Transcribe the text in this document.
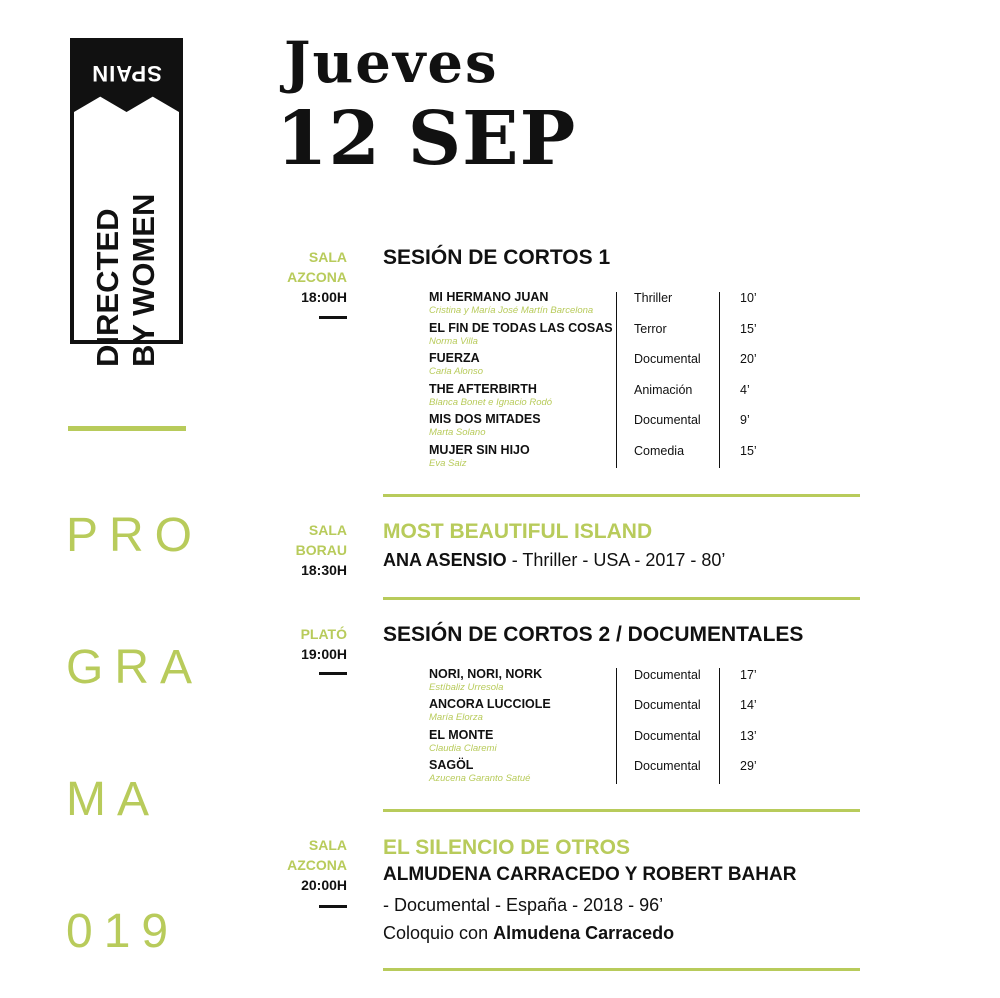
SPAIN
DIRECTED BY WOMEN
PRO
GRA
MA
019
Jueves
12 SEP
SALA
AZCONA
18:00H
SESIÓN DE CORTOS 1
MI HERMANO JUAN
Cristina y María José Martín Barcelona
Thriller	10’
EL FIN DE TODAS LAS COSAS
Norma Villa
Terror	15’
FUERZA
Carla Alonso
Documental	20’
THE AFTERBIRTH
Blanca Bonet e Ignacio Rodó
Animación	4’
MIS DOS MITADES
Marta Solano
Documental	9’
MUJER SIN HIJO
Eva Saiz
Comedia	15’
SALA
BORAU
18:30H
MOST BEAUTIFUL ISLAND
ANA ASENSIO - Thriller - USA - 2017 - 80’
PLATÓ
19:00H
SESIÓN DE CORTOS 2 / DOCUMENTALES
NORI, NORI, NORK
Estíbaliz Urresola
Documental	17’
ANCORA LUCCIOLE
María Elorza
Documental	14’
EL MONTE
Claudia Claremi
Documental	13’
SAGÖL
Azucena Garanto Satué
Documental	29’
SALA
AZCONA
20:00H
EL SILENCIO DE OTROS
ALMUDENA CARRACEDO Y ROBERT BAHAR
- Documental - España - 2018 - 96’
Coloquio con Almudena Carracedo
